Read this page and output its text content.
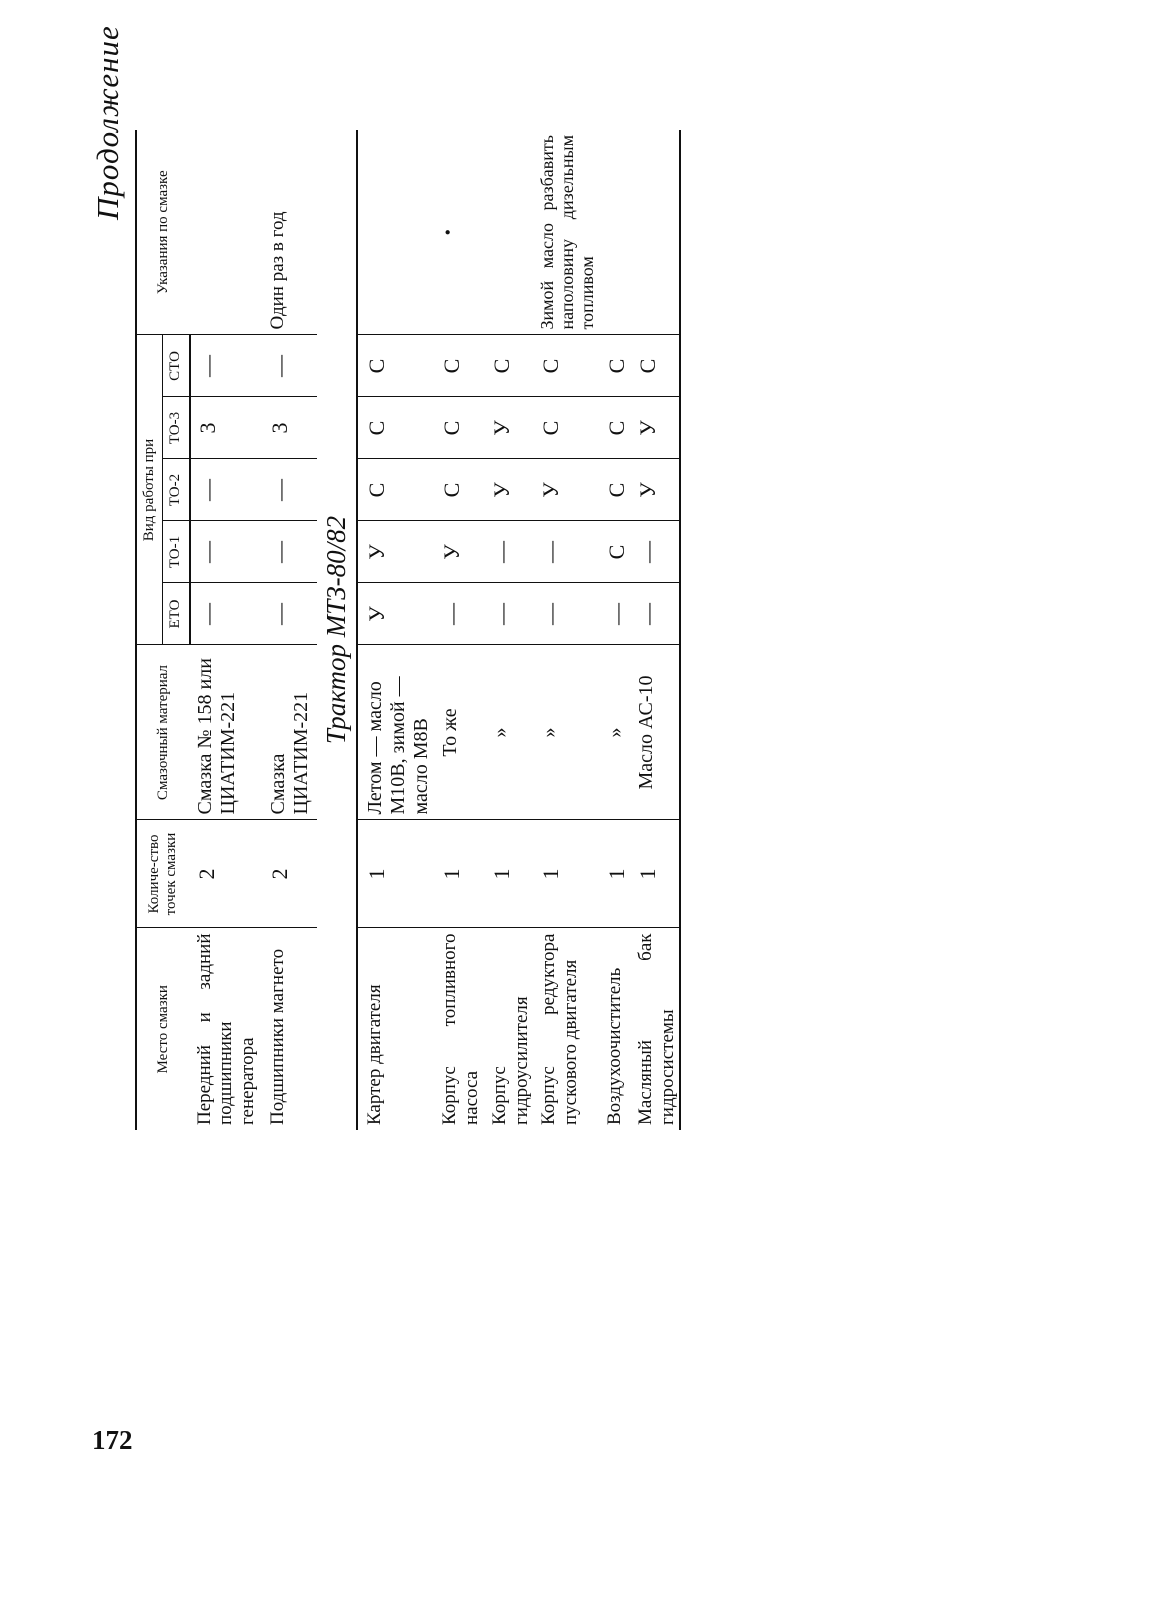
172
Продолжение
Место смазки	Количе-ство точек смазки	Смазочный материал	Вид работы при					Указания по смазке
			ЕТО	ТО-1	ТО-2	ТО-3	СТО	
Передний и задний подшипники генератора	2	Смазка № 158 или ЦИАТИМ-221	—	—	—	3	—	
Подшипники магнето	2	Смазка ЦИАТИМ-221	—	—	—	3	—	Один раз в год
Трактор МТЗ-80/82								
Картер двигателя	1	Летом — масло М10В, зимой — масло М8В	У	У	С	С	С	
Корпус топливного насоса	1	То же	—	У	С	С	С	•
Корпус гидроусилителя	1	»	—	—	У	У	С	
Корпус редуктора пускового двигателя	1	»	—	—	У	С	С	Зимой масло разбавить наполовину дизельным топливом
Воздухоочиститель	1	»	—	С	С	С	С	
Масляный бак гидросистемы	1	Масло АС-10	—	—	У	У	С	
